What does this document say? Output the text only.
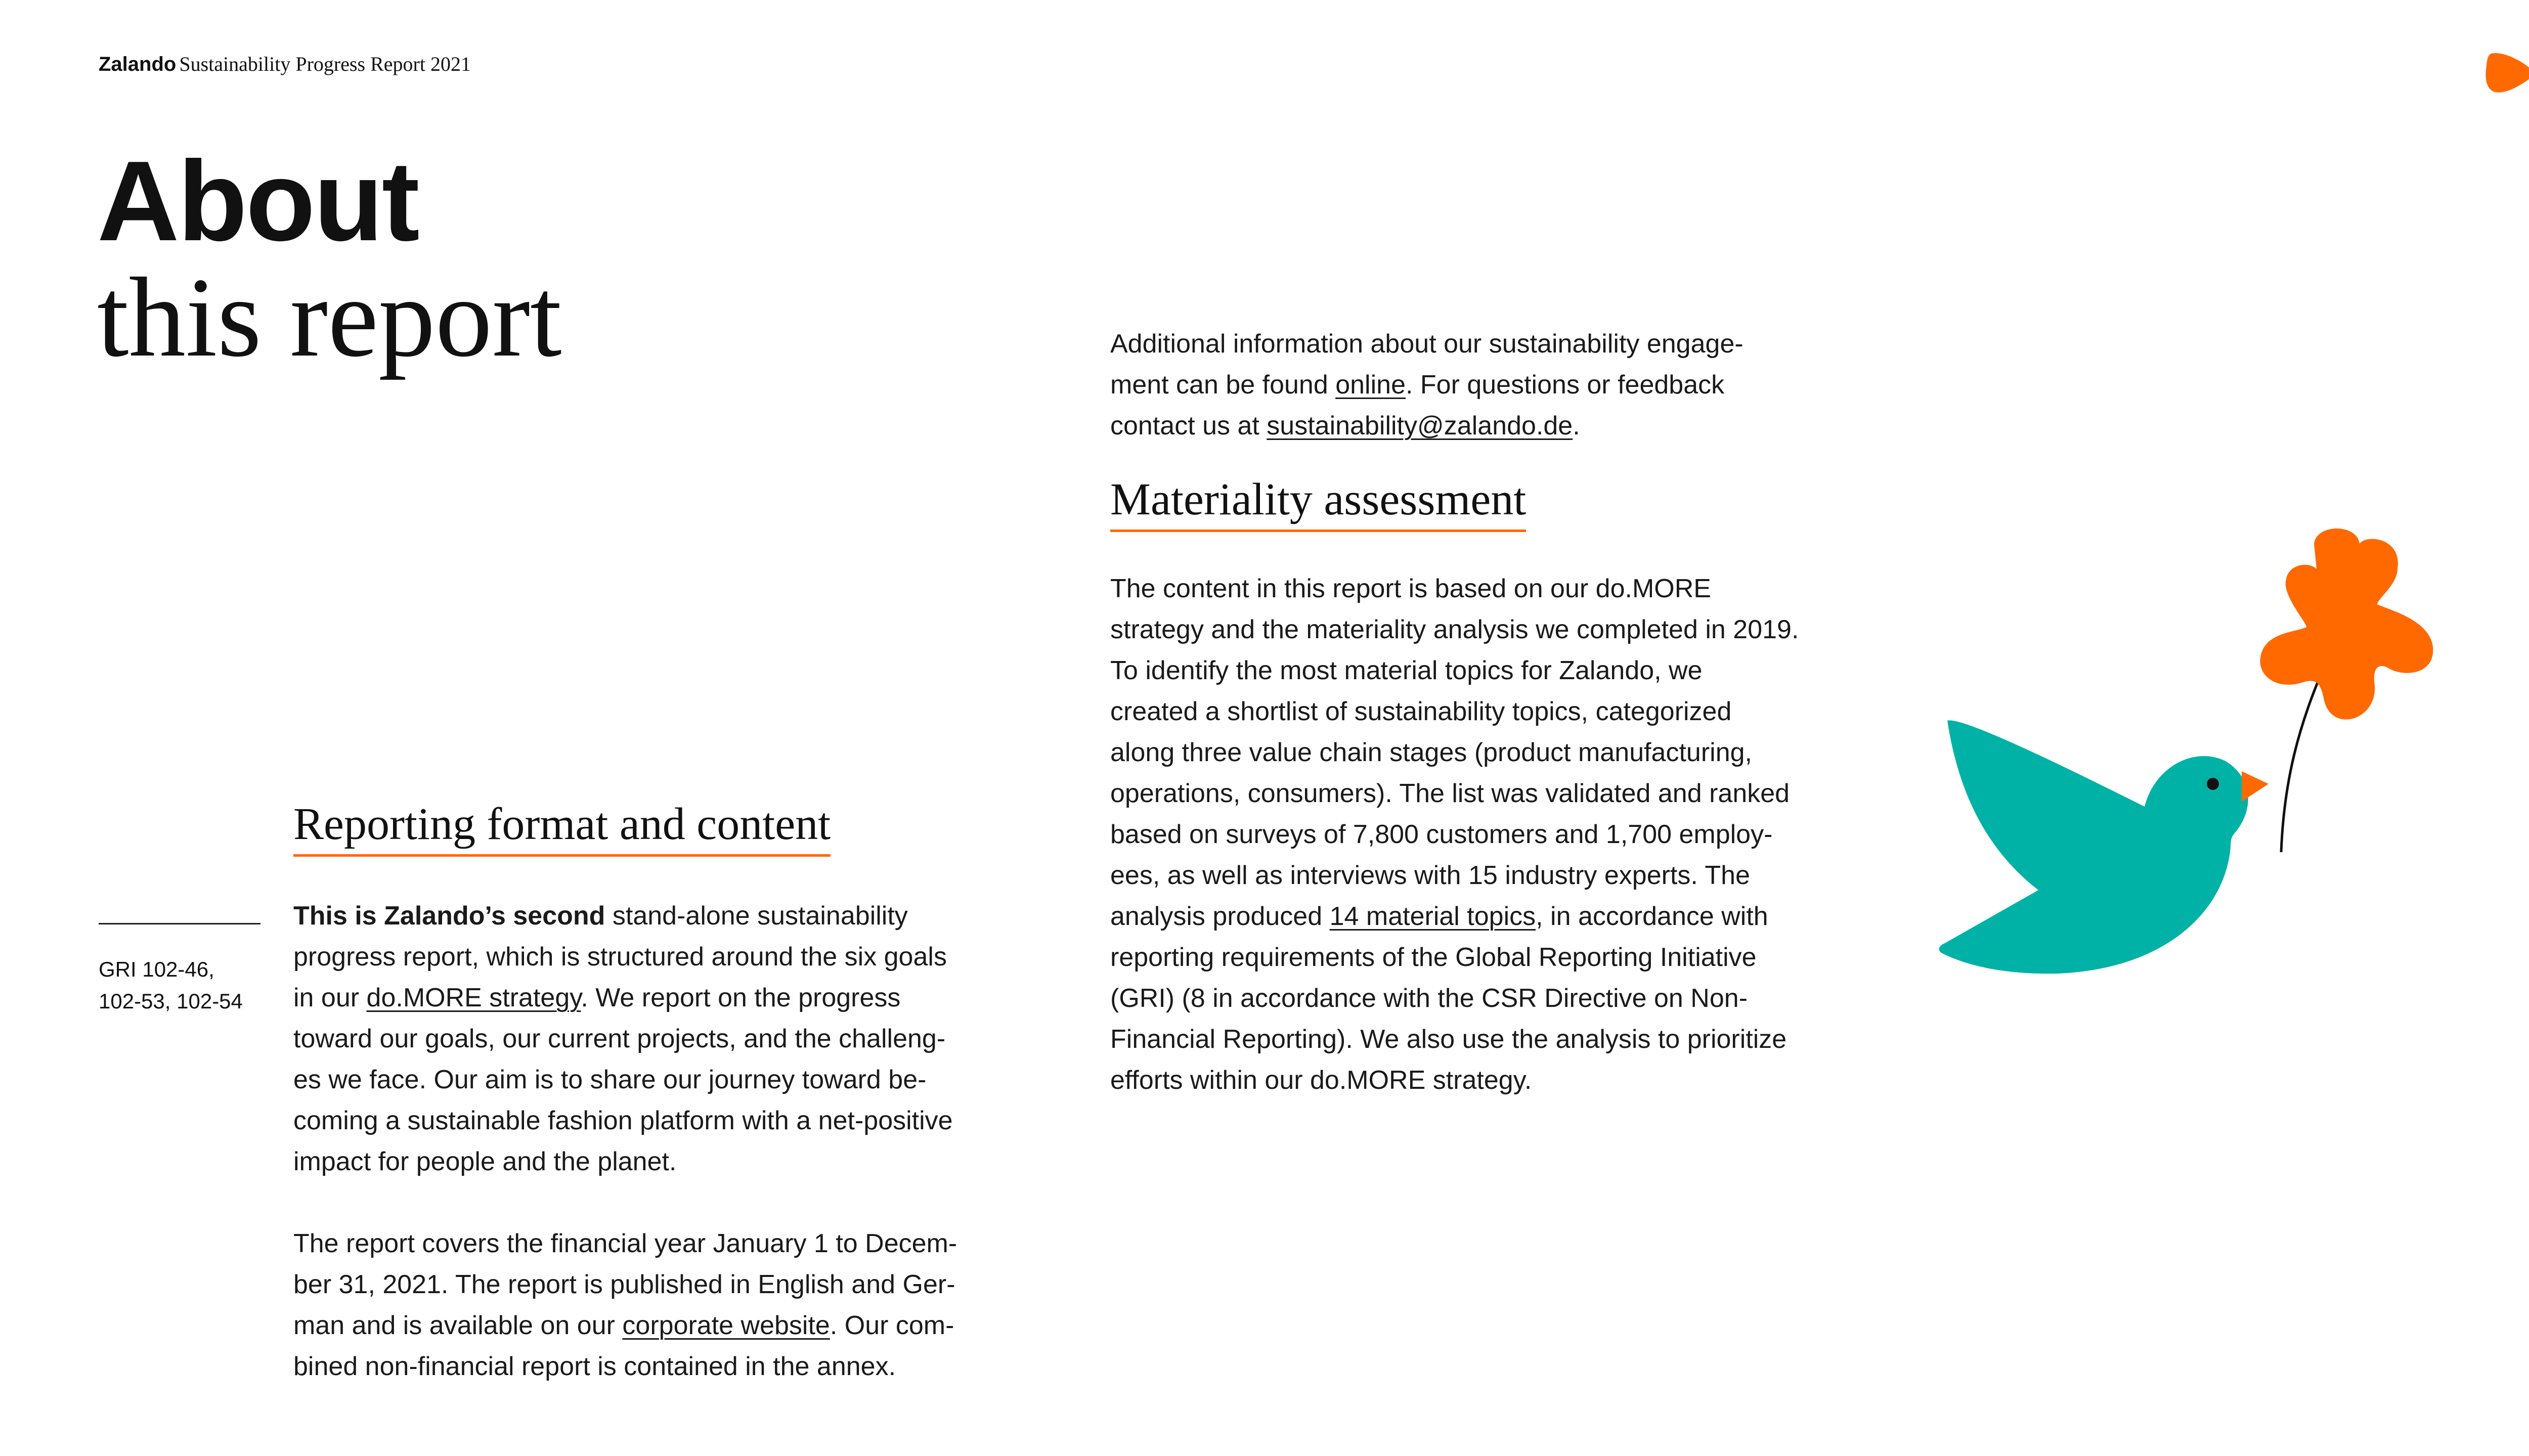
Zalando Sustainability Progress Report 2021
About
this report	Additional information about our sustainability engage-

ment can be found online. For questions or feedback

contact us at sustainability@zalando.de.

Materiality assessment

The content in this report is based on our do.MORE

strategy and the materiality analysis we completed in 2019.

To identify the most material topics for Zalando, we

created a shortlist of sustainability topics, categorized

along three value chain stages (product manufacturing,

operations, consumers). The list was validated and ranked

based on surveys of 7,800 customers and 1,700 employ-

ees, as well as interviews with 15 industry experts. The

analysis produced 14 material topics, in accordance with

reporting requirements of the Global Reporting Initiative

(GRI) (8 in accordance with the CSR Directive on Non-

Financial Reporting). We also use the analysis to prioritize

efforts within our do.MORE strategy.

Reporting format and content

GRI 102-46,

102-53, 102-54

This is Zalando’s second stand-alone sustainability

progress report, which is structured around the six goals

in our do.MORE strategy. We report on the progress

toward our goals, our current projects, and the challeng-

es we face. Our aim is to share our journey toward be-

coming a sustainable fashion platform with a net-positive

impact for people and the planet.

The report covers the financial year January 1 to Decem-

ber 31, 2021. The report is published in English and Ger-

man and is available on our corporate website. Our com-

bined non-financial report is contained in the annex.
